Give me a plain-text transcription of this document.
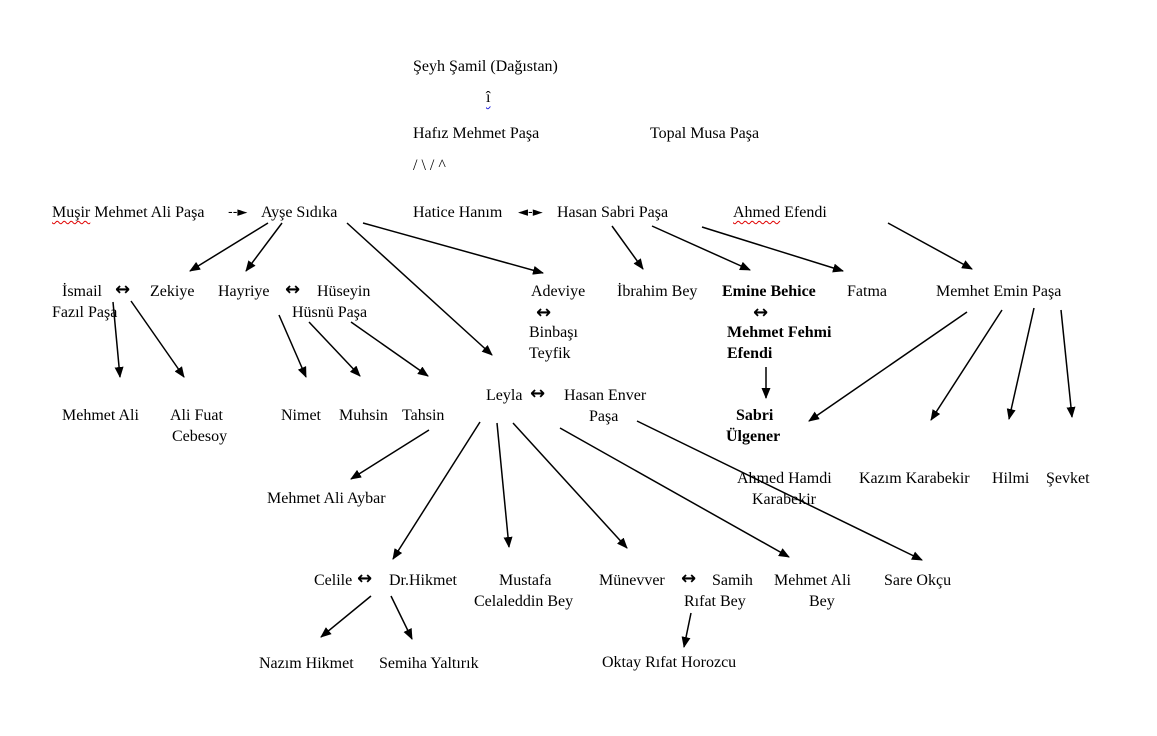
Şeyh Şamil (Dağıstan)
î
Hafız Mehmet Paşa	Topal Musa Paşa
/ \ / ^
Muşir Mehmet Ali Paşa --► Ayşe Sıdıka	Hatice Hanım ◄-► Hasan Sabri Paşa	Ahmed Efendi
İsmail ↔ Zekiye
Fazıl Paşa
Hayriye ↔ Hüseyin
Hüsnü Paşa
Adeviye
↔
Binbaşı
Teyfik
İbrahim Bey Emine Behice
↔
Mehmet Fehmi
Efendi
Fatma	Memhet Emin Paşa
Mehmet Ali Ali Fuat
Cebesoy
Nimet Muhsin Tahsin
Leyla ↔ Hasan Enver
Paşa	Sabri
Ülgener
Ahmed Hamdi
Karabekir
Kazım Karabekir Hilmi Şevket
Mehmet Ali Aybar
Celile ↔ Dr.Hikmet	Mustafa
Celaleddin Bey
Münevver ↔ Samih
Rıfat Bey
Mehmet Ali
Bey
Sare Okçu
Nazım Hikmet Semiha Yaltırık	Oktay Rıfat Horozcu
